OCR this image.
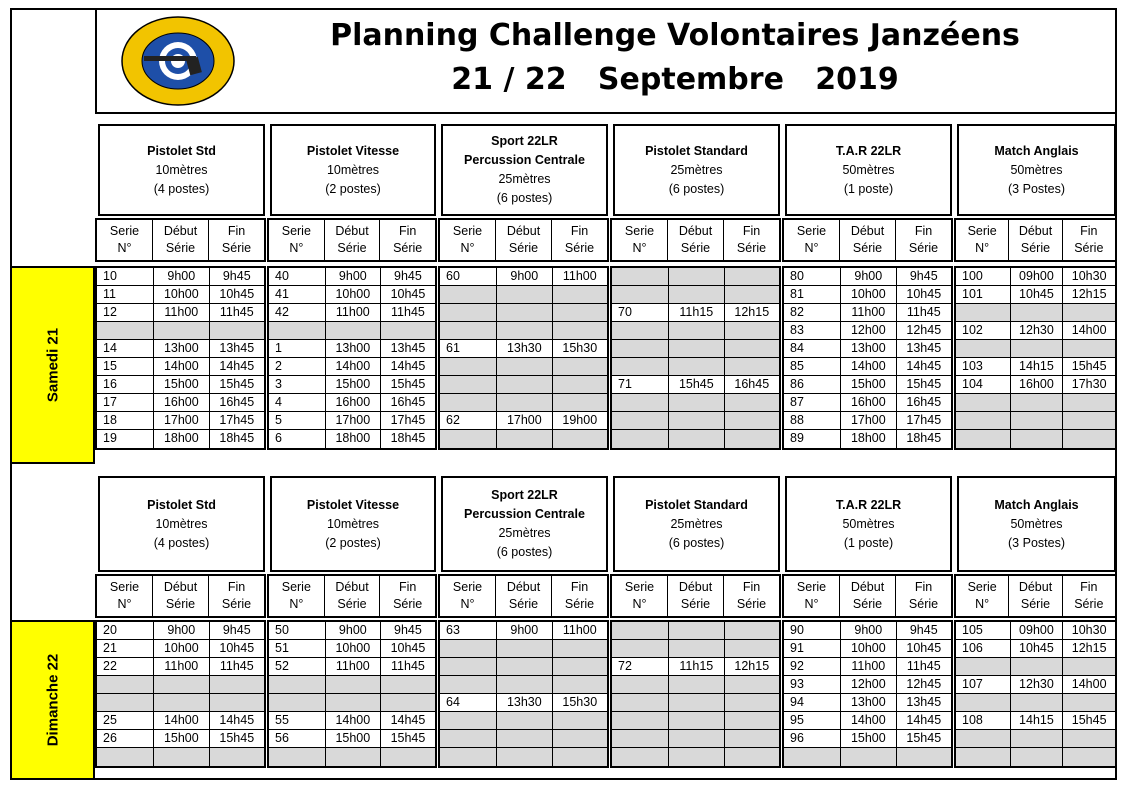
Planning Challenge Volontaires Janzéens
21 / 22   Septembre   2019
Samedi 21
Pistolet Std
10mètres
(4 postes)
Serie
N°
Début
Série
Fin
Série
10	9h00	9h45
11	10h00	10h45
12	11h00	11h45
14	13h00	13h45
15	14h00	14h45
16	15h00	15h45
17	16h00	16h45
18	17h00	17h45
19	18h00	18h45
Pistolet Vitesse
10mètres
(2 postes)
Serie
N°
Début
Série
Fin
Série
40	9h00	9h45
41	10h00	10h45
42	11h00	11h45
1	13h00	13h45
2	14h00	14h45
3	15h00	15h45
4	16h00	16h45
5	17h00	17h45
6	18h00	18h45
Sport 22LR
Percussion Centrale
25mètres
(6 postes)
Serie
N°
Début
Série
Fin
Série
60	9h00	11h00
61	13h30	15h30
62	17h00	19h00
Pistolet Standard
25mètres
(6 postes)
Serie
N°
Début
Série
Fin
Série
70	11h15	12h15
71	15h45	16h45
T.A.R 22LR
50mètres
(1 poste)
Serie
N°
Début
Série
Fin
Série
80	9h00	9h45
81	10h00	10h45
82	11h00	11h45
83	12h00	12h45
84	13h00	13h45
85	14h00	14h45
86	15h00	15h45
87	16h00	16h45
88	17h00	17h45
89	18h00	18h45
Match Anglais
50mètres
(3 Postes)
Serie
N°
Début
Série
Fin
Série
100	09h00	10h30
101	10h45	12h15
102	12h30	14h00
103	14h15	15h45
104	16h00	17h30
Dimanche 22
Pistolet Std
10mètres
(4 postes)
Serie
N°
Début
Série
Fin
Série
20	9h00	9h45
21	10h00	10h45
22	11h00	11h45
25	14h00	14h45
26	15h00	15h45
Pistolet Vitesse
10mètres
(2 postes)
Serie
N°
Début
Série
Fin
Série
50	9h00	9h45
51	10h00	10h45
52	11h00	11h45
55	14h00	14h45
56	15h00	15h45
Sport 22LR
Percussion Centrale
25mètres
(6 postes)
Serie
N°
Début
Série
Fin
Série
63	9h00	11h00
64	13h30	15h30
Pistolet Standard
25mètres
(6 postes)
Serie
N°
Début
Série
Fin
Série
72	11h15	12h15
T.A.R 22LR
50mètres
(1 poste)
Serie
N°
Début
Série
Fin
Série
90	9h00	9h45
91	10h00	10h45
92	11h00	11h45
93	12h00	12h45
94	13h00	13h45
95	14h00	14h45
96	15h00	15h45
Match Anglais
50mètres
(3 Postes)
Serie
N°
Début
Série
Fin
Série
105	09h00	10h30
106	10h45	12h15
107	12h30	14h00
108	14h15	15h45
